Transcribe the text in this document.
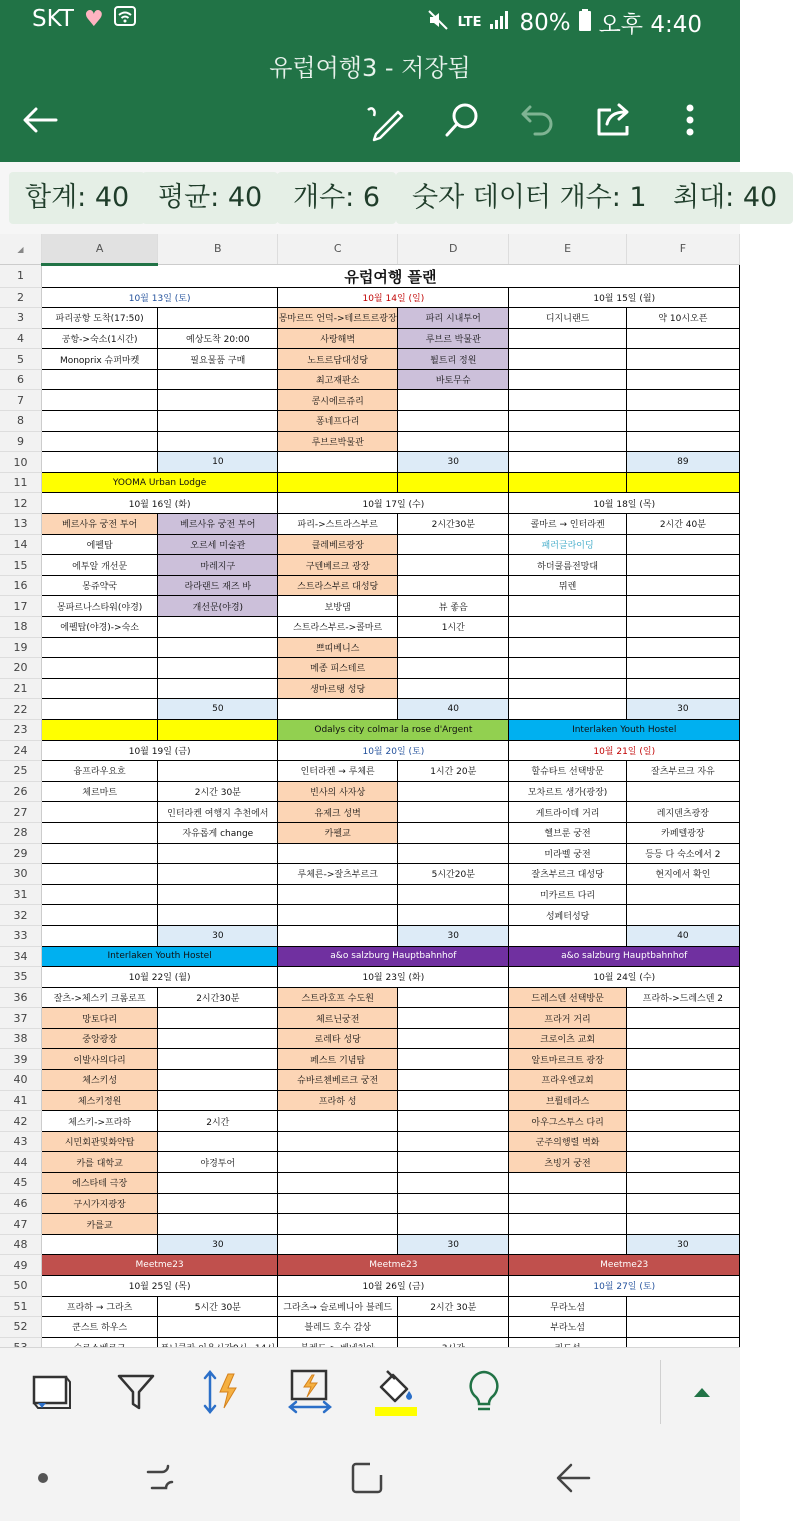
SKT ♥	LTE 80% 오후 4:40
유럽여행3 - 저장됨
합계: 40	평균: 40	개수: 6	숫자 데이터 개수: 1 최대: 40
◢	A	B	C	D	E	F
1	유럽여행 플랜					
2	10월 13일 (토)		10월 14일 (일)		10월 15일 (월)	
3	파리공항 도착(17:50)		몽마르뜨 언덕->테르트르광장	파리 시내투어	디지니랜드	약 10시오픈
4	공항->숙소(1시간)	예상도착 20:00	사랑해벽	루브르 박물관		
5	Monoprix 슈퍼마켓	필요물품 구매	노트르담대성당	튈트리 정원		
6			최고재판소	바토무슈		
7			콩시에르쥬리			
8			퐁네프다리			
9			루브르박물관			
10		10		30		89
11	YOOMA Urban Lodge					
12	10월 16일 (화)		10월 17일 (수)		10월 18일 (목)	
13	베르사유 궁전 투어	베르사유 궁전 투어	파리->스트라스부르	2시간30분	콜마르 → 인터라켄	2시간 40분
14	에펠탑	오르세 미술관	클레베르광장		패러글라이딩	
15	에투알 개선문	마레지구	구텐베르크 광장		하더쿨름전망대	
16	몽쥬약국	라라랜드 재즈 바	스트라스부르 대성당		뮈렌	
17	몽파르나스타워(야경)	개선문(야경)	보방댐	뷰 좋음		
18	에펠탑(야경)->숙소		스트라스부르->콜마르	1시간		
19			쁘띠베니스			
20			메종 피스테르			
21			생마르탱 성당			
22		50		40		30
23			Odalys city colmar la rose d'Argent		Interlaken Youth Hostel	
24	10월 19일 (금)		10월 20일 (토)		10월 21일 (일)	
25	융프라우요흐		인터라켄 → 루체른	1시간 20분	할슈타트 선택방문	잘츠부르크 자유
26	체르마트	2시간 30분	빈사의 사자상		모차르트 생가(광장)	
27		인터라켄 여행지 추천에서	유제크 성벽		게트라이데 거리	레지덴츠광장
28		자유롭게 change	카펠교		헬브룬 궁전	카페텔광장
29					미라벨 궁전	등등 다 숙소에서 2
30			루체른->잘츠부르크	5시간20분	잘츠부르크 대성당	현지에서 확인
31					미카르트 다리	
32					성페터성당	
33		30		30		40
34	Interlaken Youth Hostel		a&o salzburg Hauptbahnhof		a&o salzburg Hauptbahnhof	
35	10월 22일 (월)		10월 23일 (화)		10월 24일 (수)	
36	잘츠->체스키 크롬로프	2시간30분	스트라호프 수도원		드레스덴 선택방문	프라하->드레스덴 2
37	망토다리		체르닌궁전		프라거 거리	
38	중앙광장		로레타 성당		크로이츠 교회	
39	이발사의다리		페스트 기념탑		알트마르크트 광장	
40	체스키성		슈바르첸베르크 궁전		프라우엔교회	
41	체스키정원		프라하 성		브륄테라스	
42	체스키->프라하	2시간			아우그스투스 다리	
43	시민회관및화약탑				군주의행렬 벽화	
44	카를 대학교	야경투어			츠빙거 궁전	
45	에스타테 극장					
46	구시가지광장					
47	카를교					
48		30		30		30
49	Meetme23		Meetme23		Meetme23	
50	10월 25일 (목)		10월 26일 (금)		10월 27일 (토)	
51	프라하 → 그라츠	5시간 30분	그라츠→ 슬로베니아 블레드	2시간 30분	무라노섬	
52	쿤스트 하우스		블레드 호수 감상		부라노섬	
